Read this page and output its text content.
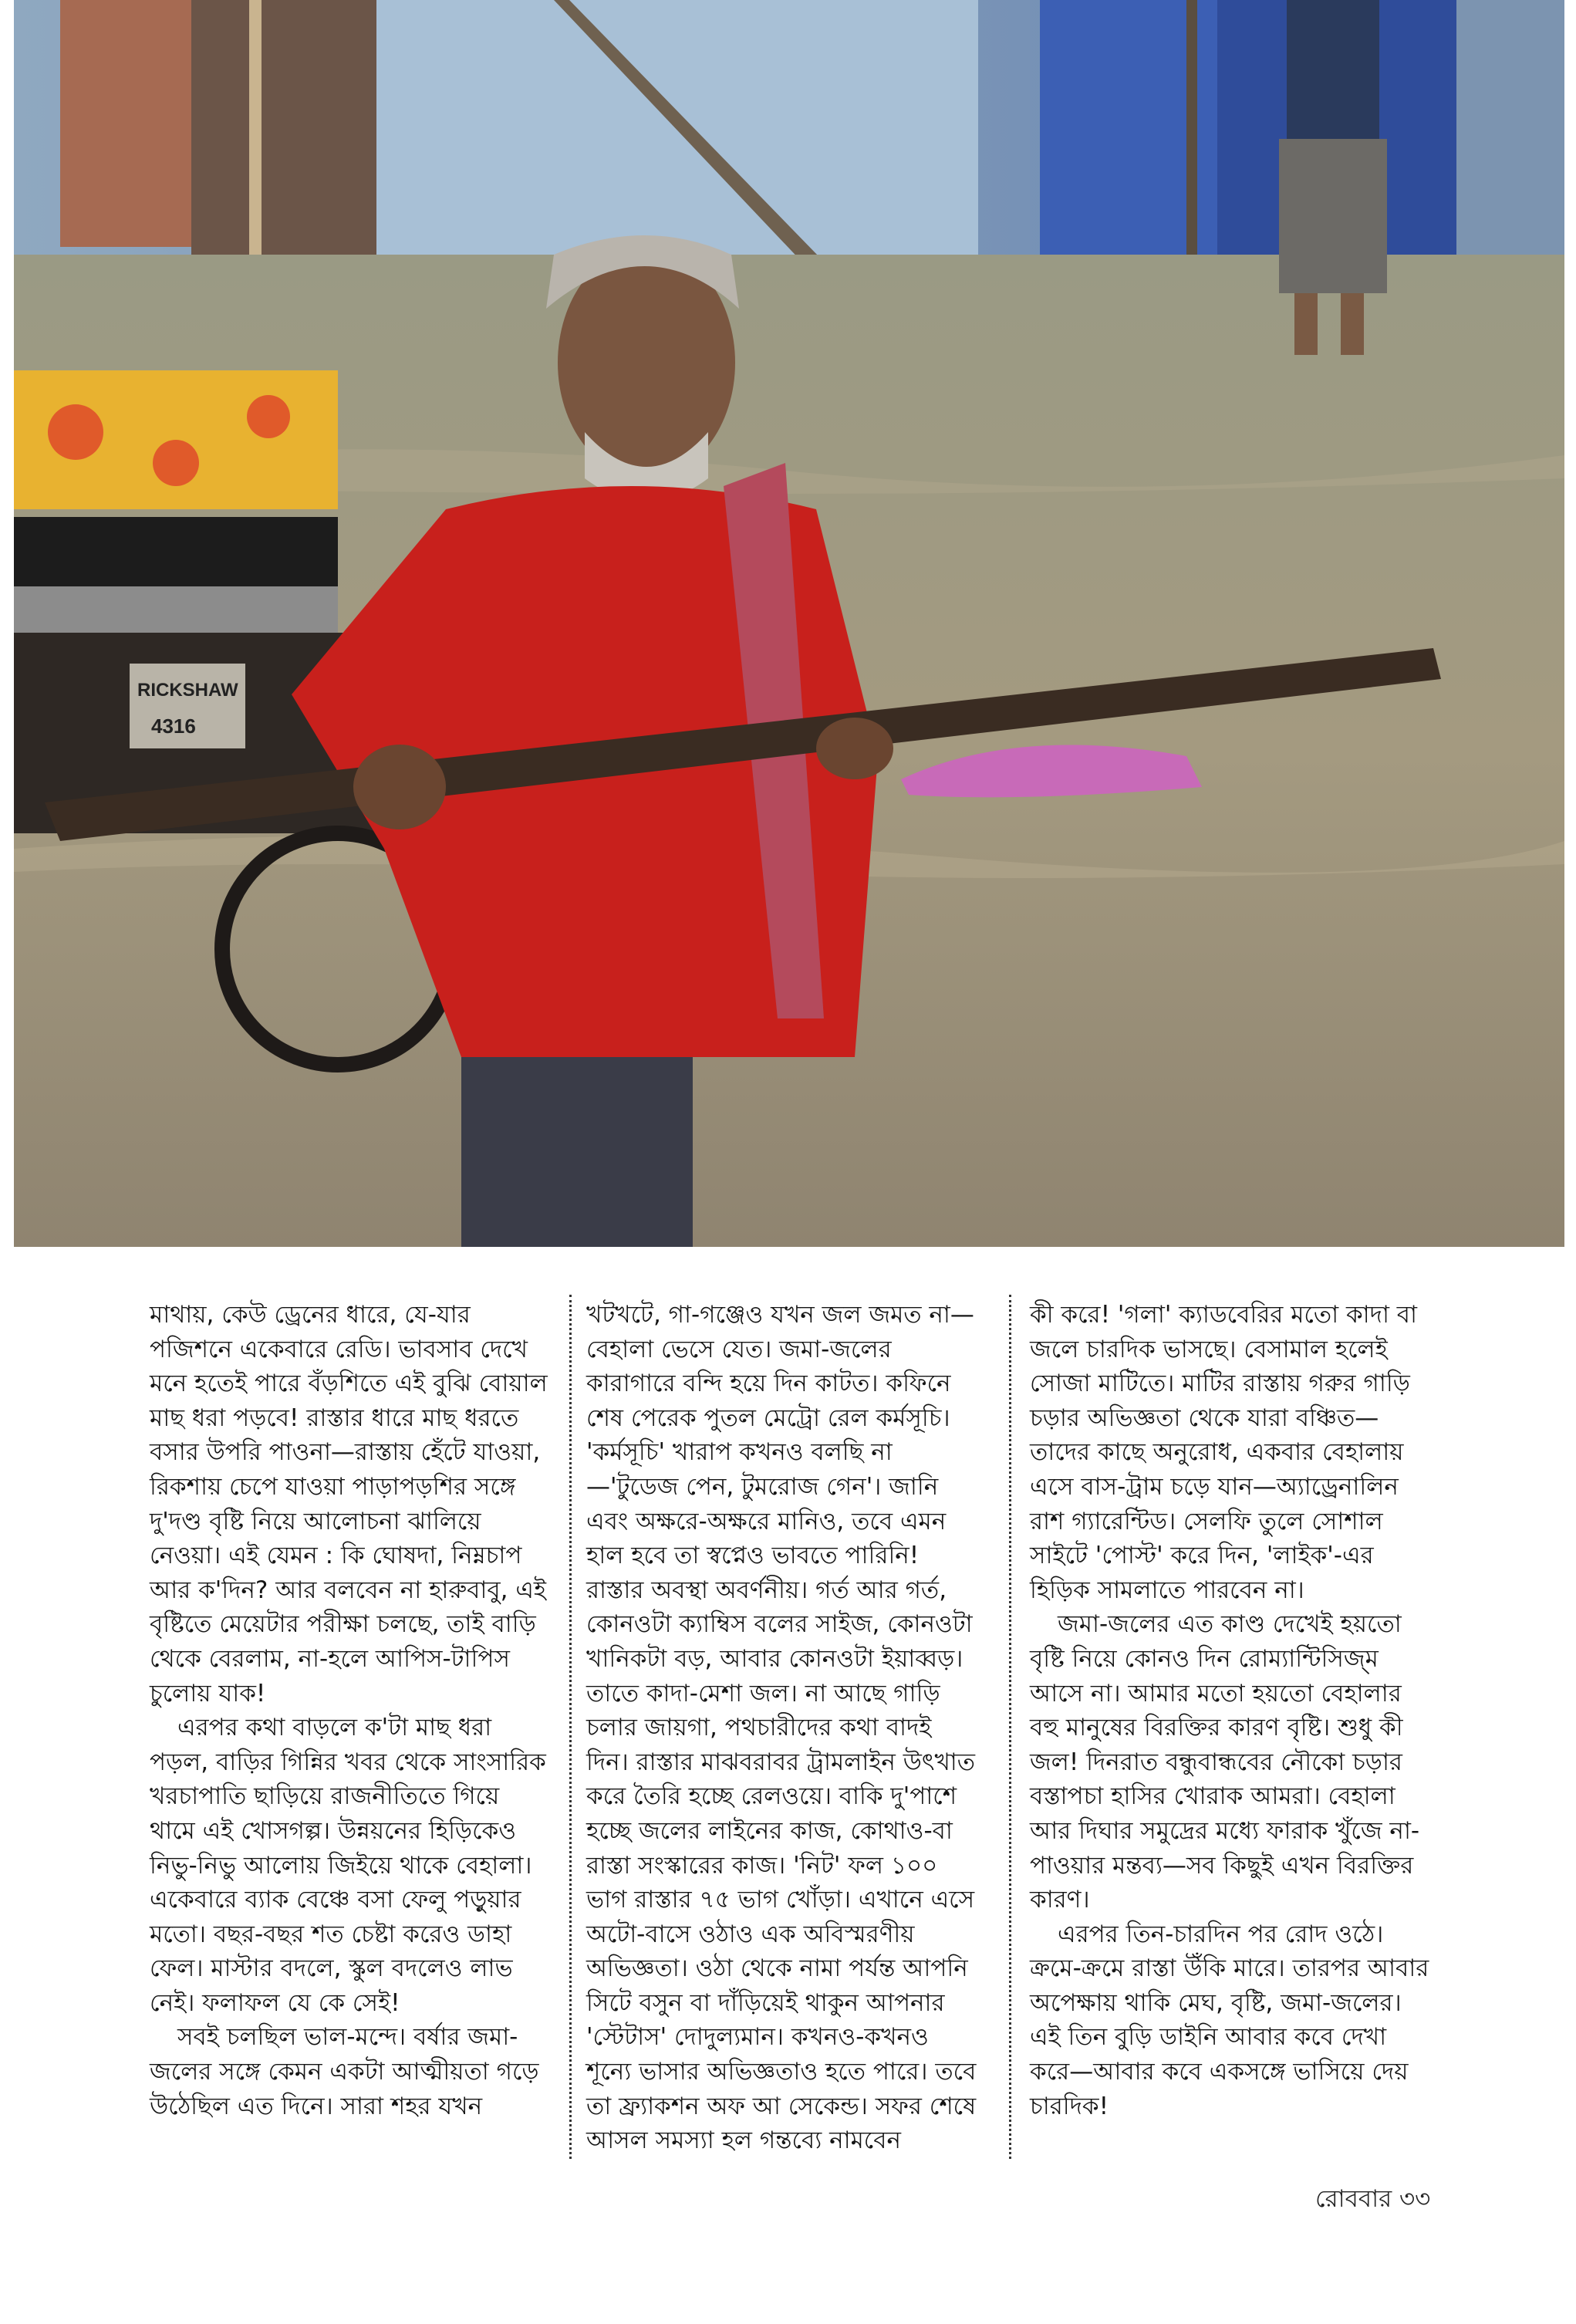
RICKSHAW
4316

মাথায়, কেউ ড্রেনের ধারে, যে-যার পজিশনে একেবারে রেডি। ভাবসাব দেখে মনে হতেই পারে বঁড়শিতে এই বুঝি বোয়াল মাছ ধরা পড়বে! রাস্তার ধারে মাছ ধরতে বসার উপরি পাওনা—রাস্তায় হেঁটে যাওয়া, রিকশায় চেপে যাওয়া পাড়াপড়শির সঙ্গে দু'দণ্ড বৃষ্টি নিয়ে আলোচনা ঝালিয়ে নেওয়া। এই যেমন : কি ঘোষদা, নিম্নচাপ আর ক'দিন? আর বলবেন না হারুবাবু, এই বৃষ্টিতে মেয়েটার পরীক্ষা চলছে, তাই বাড়ি থেকে বেরলাম, না-হলে আপিস-টাপিস চুলোয় যাক!

এরপর কথা বাড়লে ক'টা মাছ ধরা পড়ল, বাড়ির গিন্নির খবর থেকে সাংসারিক খরচাপাতি ছাড়িয়ে রাজনীতিতে গিয়ে থামে এই খোসগল্প। উন্নয়নের হিড়িকেও নিভু-নিভু আলোয় জিইয়ে থাকে বেহালা। একেবারে ব্যাক বেঞ্চে বসা ফেলু পড়ুয়ার মতো। বছর-বছর শত চেষ্টা করেও ডাহা ফেল। মাস্টার বদলে, স্কুল বদলেও লাভ নেই। ফলাফল যে কে সেই!

সবই চলছিল ভাল-মন্দে। বর্ষার জমা-জলের সঙ্গে কেমন একটা আত্মীয়তা গড়ে উঠেছিল এত দিনে। সারা শহর যখন

খটখটে, গা-গঞ্জেও যখন জল জমত না—বেহালা ভেসে যেত। জমা-জলের কারাগারে বন্দি হয়ে দিন কাটত। কফিনে শেষ পেরেক পুতল মেট্রো রেল কর্মসূচি। 'কর্মসূচি' খারাপ কখনও বলছি না—'টুডেজ পেন, টুমরোজ গেন'। জানি এবং অক্ষরে-অক্ষরে মানিও, তবে এমন হাল হবে তা স্বপ্নেও ভাবতে পারিনি! রাস্তার অবস্থা অবর্ণনীয়। গর্ত আর গর্ত, কোনওটা ক্যাম্বিস বলের সাইজ, কোনওটা খানিকটা বড়, আবার কোনওটা ইয়াব্বড়। তাতে কাদা-মেশা জল। না আছে গাড়ি চলার জায়গা, পথচারীদের কথা বাদই দিন। রাস্তার মাঝবরাবর ট্রামলাইন উৎখাত করে তৈরি হচ্ছে রেলওয়ে। বাকি দু'পাশে হচ্ছে জলের লাইনের কাজ, কোথাও-বা রাস্তা সংস্কারের কাজ। 'নিট' ফল ১০০ ভাগ রাস্তার ৭৫ ভাগ খোঁড়া। এখানে এসে অটো-বাসে ওঠাও এক অবিস্মরণীয় অভিজ্ঞতা। ওঠা থেকে নামা পর্যন্ত আপনি সিটে বসুন বা দাঁড়িয়েই থাকুন আপনার 'স্টেটাস' দোদুল্যমান। কখনও-কখনও শূন্যে ভাসার অভিজ্ঞতাও হতে পারে। তবে তা ফ্র্যাকশন অফ আ সেকেন্ড। সফর শেষে আসল সমস্যা হল গন্তব্যে নামবেন

কী করে! 'গলা' ক্যাডবেরির মতো কাদা বা জলে চারদিক ভাসছে। বেসামাল হলেই সোজা মাটিতে। মাটির রাস্তায় গরুর গাড়ি চড়ার অভিজ্ঞতা থেকে যারা বঞ্চিত—তাদের কাছে অনুরোধ, একবার বেহালায় এসে বাস-ট্রাম চড়ে যান—অ্যাড্রেনালিন রাশ গ্যারেন্টিড। সেলফি তুলে সোশাল সাইটে 'পোস্ট' করে দিন, 'লাইক'-এর হিড়িক সামলাতে পারবেন না।

জমা-জলের এত কাণ্ড দেখেই হয়তো বৃষ্টি নিয়ে কোনও দিন রোম্যান্টিসিজ্ম আসে না। আমার মতো হয়তো বেহালার বহু মানুষের বিরক্তির কারণ বৃষ্টি। শুধু কী জল! দিনরাত বন্ধুবান্ধবের নৌকো চড়ার বস্তাপচা হাসির খোরাক আমরা। বেহালা আর দিঘার সমুদ্রের মধ্যে ফারাক খুঁজে না-পাওয়ার মন্তব্য—সব কিছুই এখন বিরক্তির কারণ।

এরপর তিন-চারদিন পর রোদ ওঠে। ক্রমে-ক্রমে রাস্তা উঁকি মারে। তারপর আবার অপেক্ষায় থাকি মেঘ, বৃষ্টি, জমা-জলের। এই তিন বুড়ি ডাইনি আবার কবে দেখা করে—আবার কবে একসঙ্গে ভাসিয়ে দেয় চারদিক!

রোববার ৩৩
